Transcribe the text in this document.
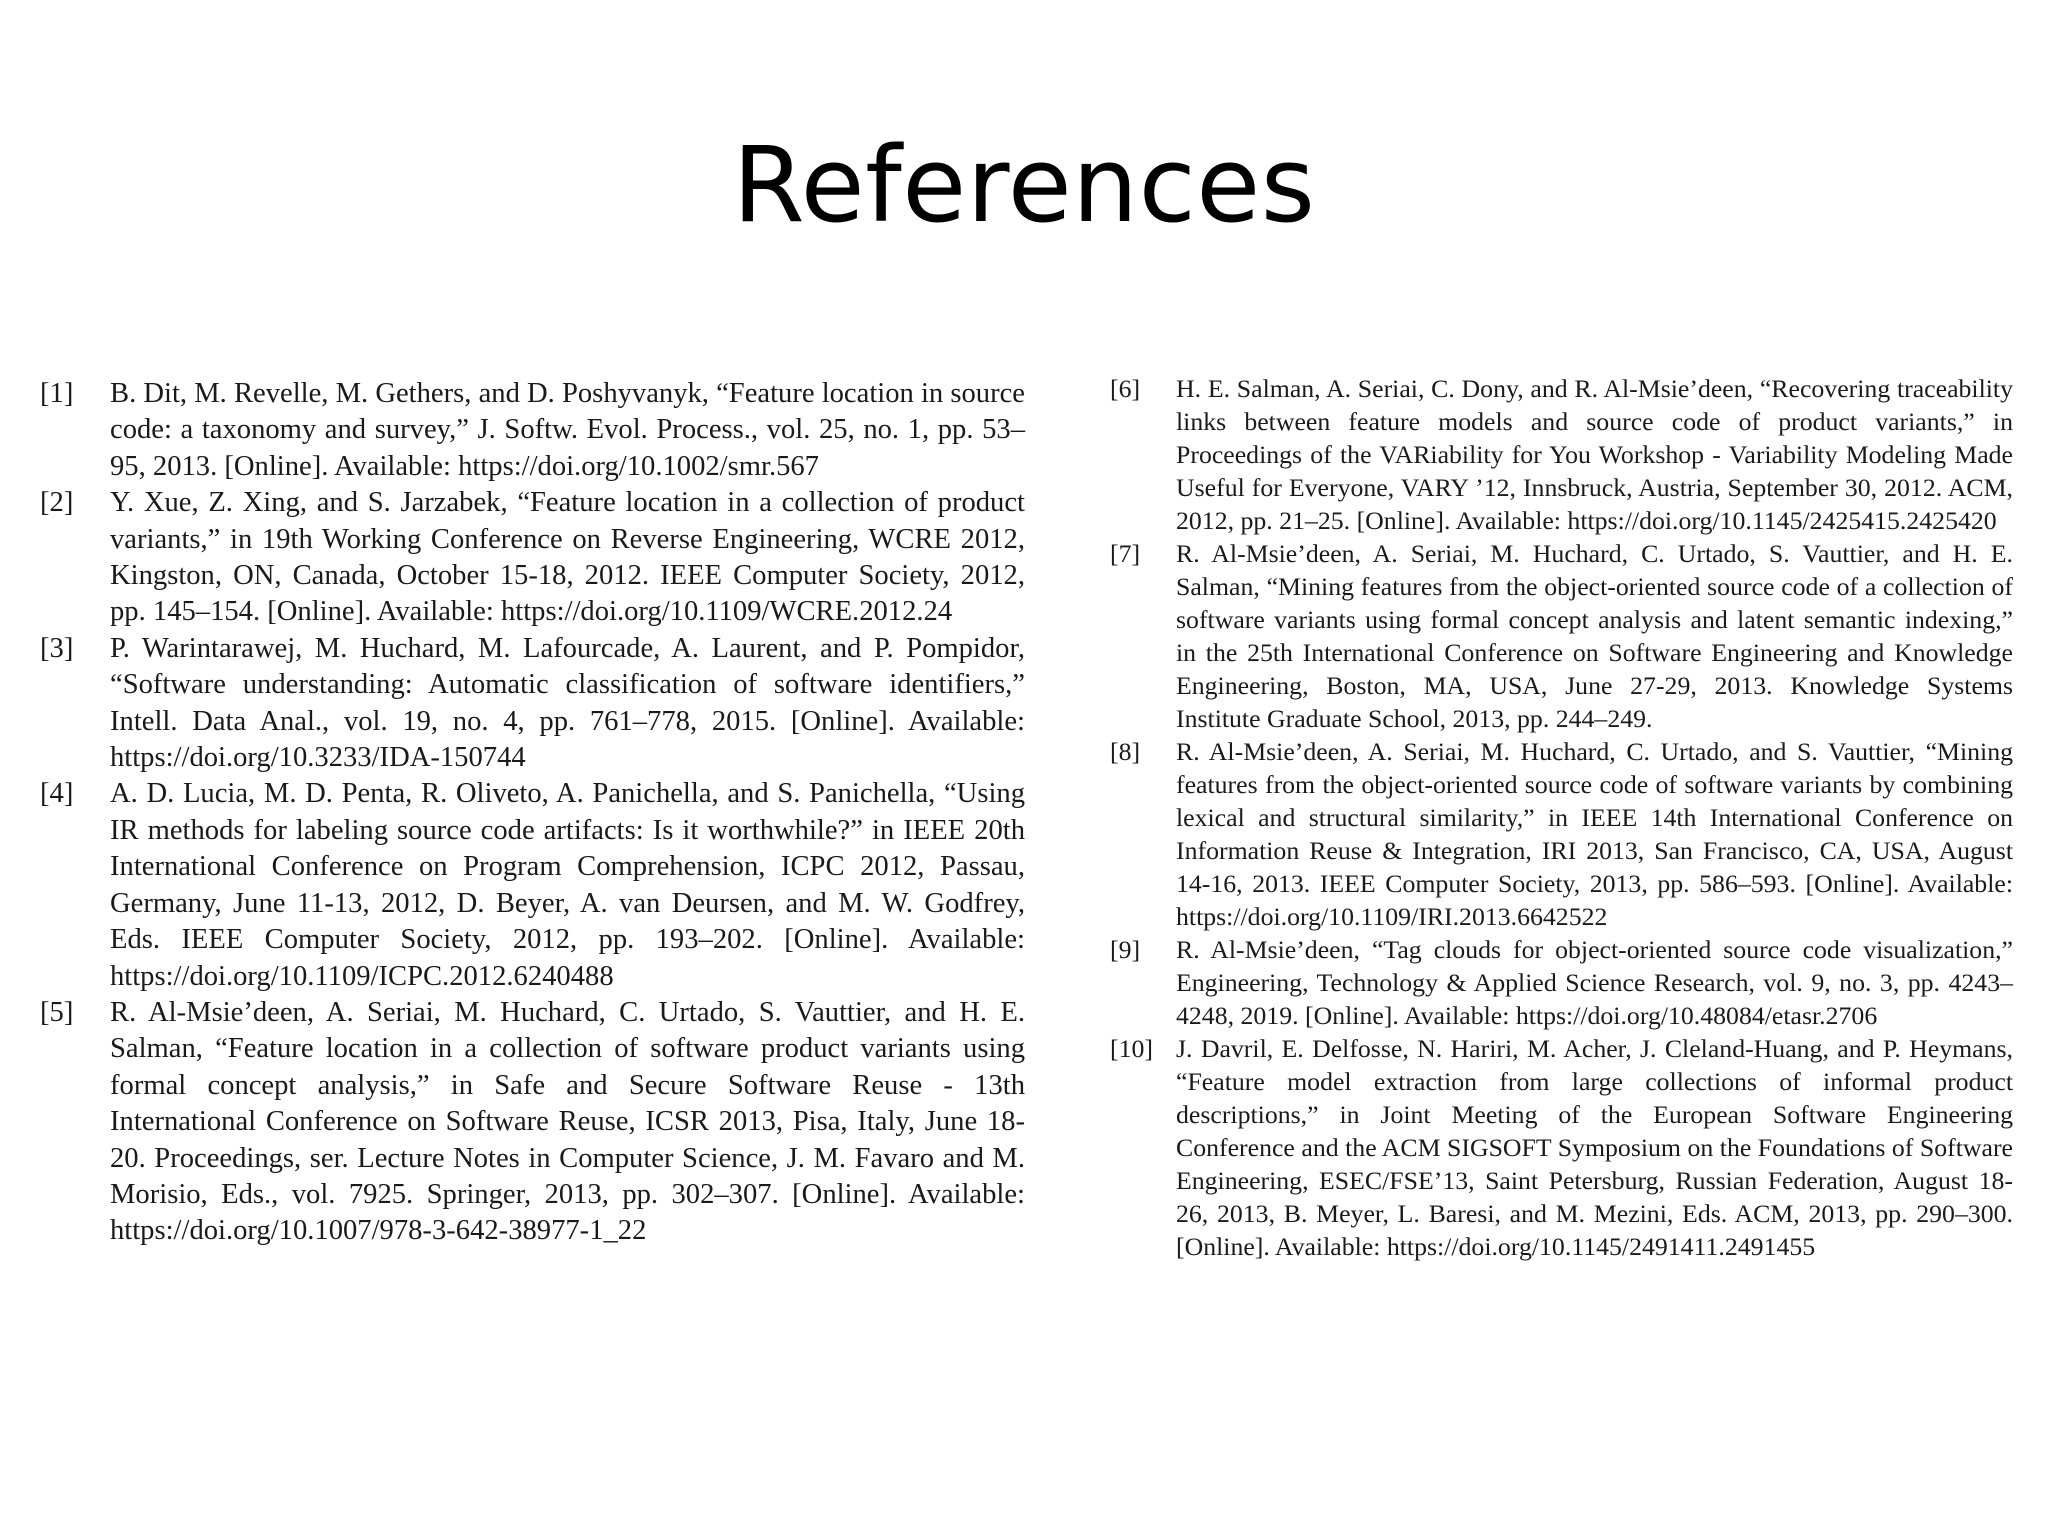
References
[1]	B. Dit, M. Revelle, M. Gethers, and D. Poshyvanyk, “Feature location in source code: a taxonomy and survey,” J. Softw. Evol. Process., vol. 25, no. 1, pp. 53–95, 2013. [Online]. Available: https://doi.org/10.1002/smr.567
[2]	Y. Xue, Z. Xing, and S. Jarzabek, “Feature location in a collection of product variants,” in 19th Working Conference on Reverse Engineering, WCRE 2012, Kingston, ON, Canada, October 15-18, 2012. IEEE Computer Society, 2012, pp. 145–154. [Online]. Available: https://doi.org/10.1109/WCRE.2012.24
[3]	P. Warintarawej, M. Huchard, M. Lafourcade, A. Laurent, and P. Pompidor, “Software understanding: Automatic classification of software identifiers,” Intell. Data Anal., vol. 19, no. 4, pp. 761–778, 2015. [Online]. Available: https://doi.org/10.3233/IDA-150744
[4]	A. D. Lucia, M. D. Penta, R. Oliveto, A. Panichella, and S. Panichella, “Using IR methods for labeling source code artifacts: Is it worthwhile?” in IEEE 20th International Conference on Program Comprehension, ICPC 2012, Passau, Germany, June 11-13, 2012, D. Beyer, A. van Deursen, and M. W. Godfrey, Eds. IEEE Computer Society, 2012, pp. 193–202. [Online]. Available: https://doi.org/10.1109/ICPC.2012.6240488
[5]	R. Al-Msie’deen, A. Seriai, M. Huchard, C. Urtado, S. Vauttier, and H. E. Salman, “Feature location in a collection of software product variants using formal concept analysis,” in Safe and Secure Software Reuse - 13th International Conference on Software Reuse, ICSR 2013, Pisa, Italy, June 18-20. Proceedings, ser. Lecture Notes in Computer Science, J. M. Favaro and M. Morisio, Eds., vol. 7925. Springer, 2013, pp. 302–307. [Online]. Available: https://doi.org/10.1007/978-3-642-38977-1_22
[6]	H. E. Salman, A. Seriai, C. Dony, and R. Al-Msie’deen, “Recovering traceability links between feature models and source code of product variants,” in Proceedings of the VARiability for You Workshop - Variability Modeling Made Useful for Everyone, VARY ’12, Innsbruck, Austria, September 30, 2012. ACM, 2012, pp. 21–25. [Online]. Available: https://doi.org/10.1145/2425415.2425420
[7]	R. Al-Msie’deen, A. Seriai, M. Huchard, C. Urtado, S. Vauttier, and H. E. Salman, “Mining features from the object-oriented source code of a collection of software variants using formal concept analysis and latent semantic indexing,” in the 25th International Conference on Software Engineering and Knowledge Engineering, Boston, MA, USA, June 27-29, 2013. Knowledge Systems Institute Graduate School, 2013, pp. 244–249.
[8]	R. Al-Msie’deen, A. Seriai, M. Huchard, C. Urtado, and S. Vauttier, “Mining features from the object-oriented source code of software variants by combining lexical and structural similarity,” in IEEE 14th International Conference on Information Reuse & Integration, IRI 2013, San Francisco, CA, USA, August 14-16, 2013. IEEE Computer Society, 2013, pp. 586–593. [Online]. Available: https://doi.org/10.1109/IRI.2013.6642522
[9]	R. Al-Msie’deen, “Tag clouds for object-oriented source code visualization,” Engineering, Technology & Applied Science Research, vol. 9, no. 3, pp. 4243–4248, 2019. [Online]. Available: https://doi.org/10.48084/etasr.2706
[10] J. Davril, E. Delfosse, N. Hariri, M. Acher, J. Cleland-Huang, and P. Heymans, “Feature model extraction from large collections of informal product descriptions,” in Joint Meeting of the European Software Engineering Conference and the ACM SIGSOFT Symposium on the Foundations of Software Engineering, ESEC/FSE’13, Saint Petersburg, Russian Federation, August 18-26, 2013, B. Meyer, L. Baresi, and M. Mezini, Eds. ACM, 2013, pp. 290–300. [Online]. Available: https://doi.org/10.1145/2491411.2491455
